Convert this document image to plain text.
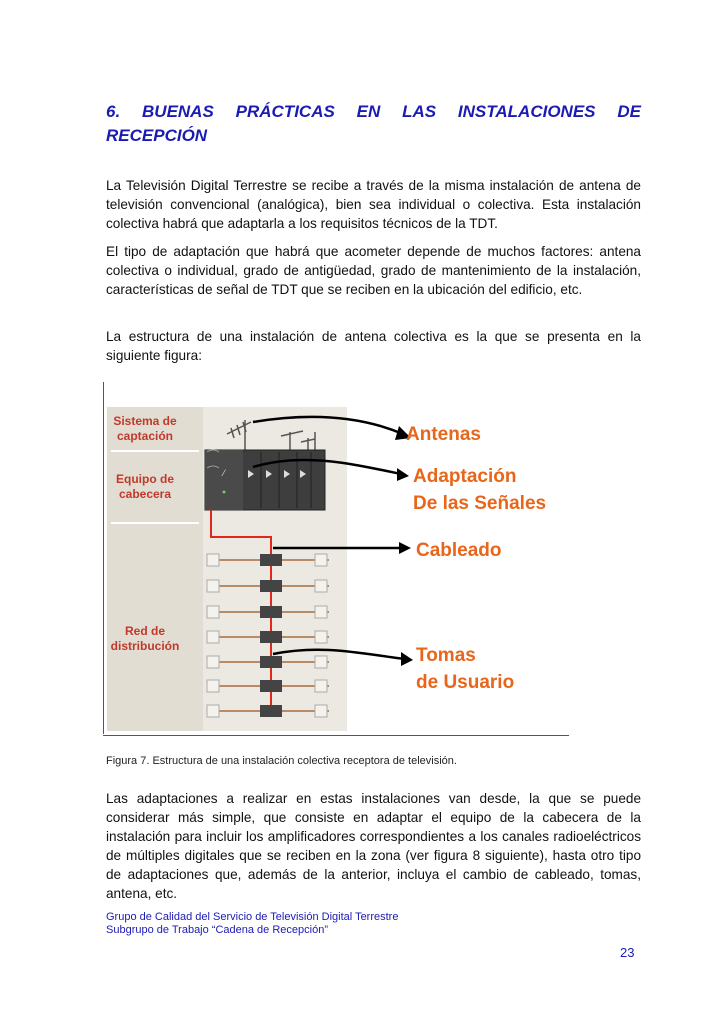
6. BUENAS PRÁCTICAS EN LAS INSTALACIONES DE
RECEPCIÓN

La Televisión Digital Terrestre se recibe a través de la misma instalación de antena de televisión convencional (analógica), bien sea individual o colectiva. Esta instalación colectiva habrá que adaptarla a los requisitos técnicos de la TDT.

El tipo de adaptación que habrá que acometer depende de muchos factores: antena colectiva o individual, grado de antigüedad, grado de mantenimiento de la instalación, características de señal de TDT que se reciben en la ubicación del edificio, etc.

La estructura de una instalación de antena colectiva es la que se presenta en la siguiente figura:

Sistema de
captación
Equipo de
cabecera
Red de
distribución
⁄
Antenas
Adaptación
De las Señales
Cableado
Tomas
de Usuario
Figura 7. Estructura de una instalación colectiva receptora de televisión.

Las adaptaciones a realizar en estas instalaciones van desde, la que se puede considerar más simple, que consiste en adaptar el equipo de la cabecera de la instalación para incluir los amplificadores correspondientes a los canales radioeléctricos de múltiples digitales que se reciben en la zona (ver figura 8 siguiente), hasta otro tipo de adaptaciones que, además de la anterior, incluya el cambio de cableado, tomas, antena, etc.

Grupo de Calidad del Servicio de Televisión Digital Terrestre
Subgrupo de Trabajo “Cadena de Recepción”
23
